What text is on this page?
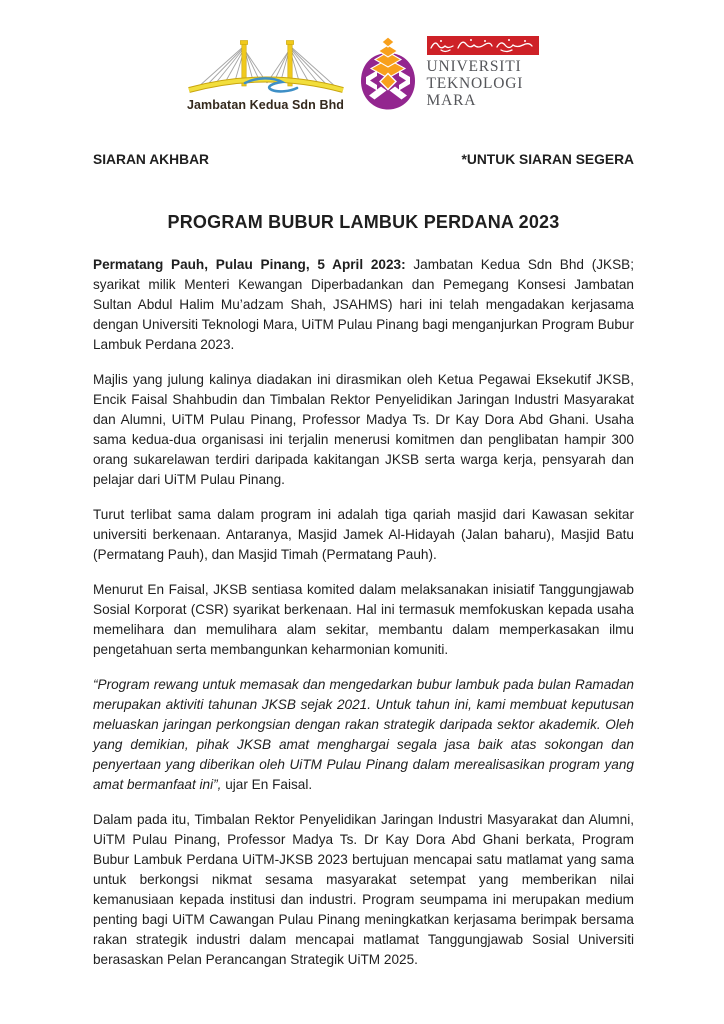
Jambatan Kedua Sdn Bhd
UNIVERSITI
TEKNOLOGI
MARA
SIARAN AKHBAR	*UNTUK SIARAN SEGERA
PROGRAM BUBUR LAMBUK PERDANA 2023

Permatang Pauh, Pulau Pinang, 5 April 2023: Jambatan Kedua Sdn Bhd (JKSB; syarikat milik Menteri Kewangan Diperbadankan dan Pemegang Konsesi Jambatan Sultan Abdul Halim Mu’adzam Shah, JSAHMS) hari ini telah mengadakan kerjasama dengan Universiti Teknologi Mara, UiTM Pulau Pinang bagi menganjurkan Program Bubur Lambuk Perdana 2023.

Majlis yang julung kalinya diadakan ini dirasmikan oleh Ketua Pegawai Eksekutif JKSB, Encik Faisal Shahbudin dan Timbalan Rektor Penyelidikan Jaringan Industri Masyarakat dan Alumni, UiTM Pulau Pinang, Professor Madya Ts. Dr Kay Dora Abd Ghani. Usaha sama kedua-dua organisasi ini terjalin menerusi komitmen dan penglibatan hampir 300 orang sukarelawan terdiri daripada kakitangan JKSB serta warga kerja, pensyarah dan pelajar dari UiTM Pulau Pinang.

Turut terlibat sama dalam program ini adalah tiga qariah masjid dari Kawasan sekitar universiti berkenaan. Antaranya, Masjid Jamek Al-Hidayah (Jalan baharu), Masjid Batu (Permatang Pauh), dan Masjid Timah (Permatang Pauh).

Menurut En Faisal, JKSB sentiasa komited dalam melaksanakan inisiatif Tanggungjawab Sosial Korporat (CSR) syarikat berkenaan. Hal ini termasuk memfokuskan kepada usaha memelihara dan memulihara alam sekitar, membantu dalam memperkasakan ilmu pengetahuan serta membangunkan keharmonian komuniti.

“Program rewang untuk memasak dan mengedarkan bubur lambuk pada bulan Ramadan merupakan aktiviti tahunan JKSB sejak 2021. Untuk tahun ini, kami membuat keputusan meluaskan jaringan perkongsian dengan rakan strategik daripada sektor akademik. Oleh yang demikian, pihak JKSB amat menghargai segala jasa baik atas sokongan dan penyertaan yang diberikan oleh UiTM Pulau Pinang dalam merealisasikan program yang amat bermanfaat ini”, ujar En Faisal.

Dalam pada itu, Timbalan Rektor Penyelidikan Jaringan Industri Masyarakat dan Alumni, UiTM Pulau Pinang, Professor Madya Ts. Dr Kay Dora Abd Ghani berkata, Program Bubur Lambuk Perdana UiTM-JKSB 2023 bertujuan mencapai satu matlamat yang sama untuk berkongsi nikmat sesama masyarakat setempat yang memberikan nilai kemanusiaan kepada institusi dan industri. Program seumpama ini merupakan medium penting bagi UiTM Cawangan Pulau Pinang meningkatkan kerjasama berimpak bersama rakan strategik industri dalam mencapai matlamat Tanggungjawab Sosial Universiti berasaskan Pelan Perancangan Strategik UiTM 2025.
